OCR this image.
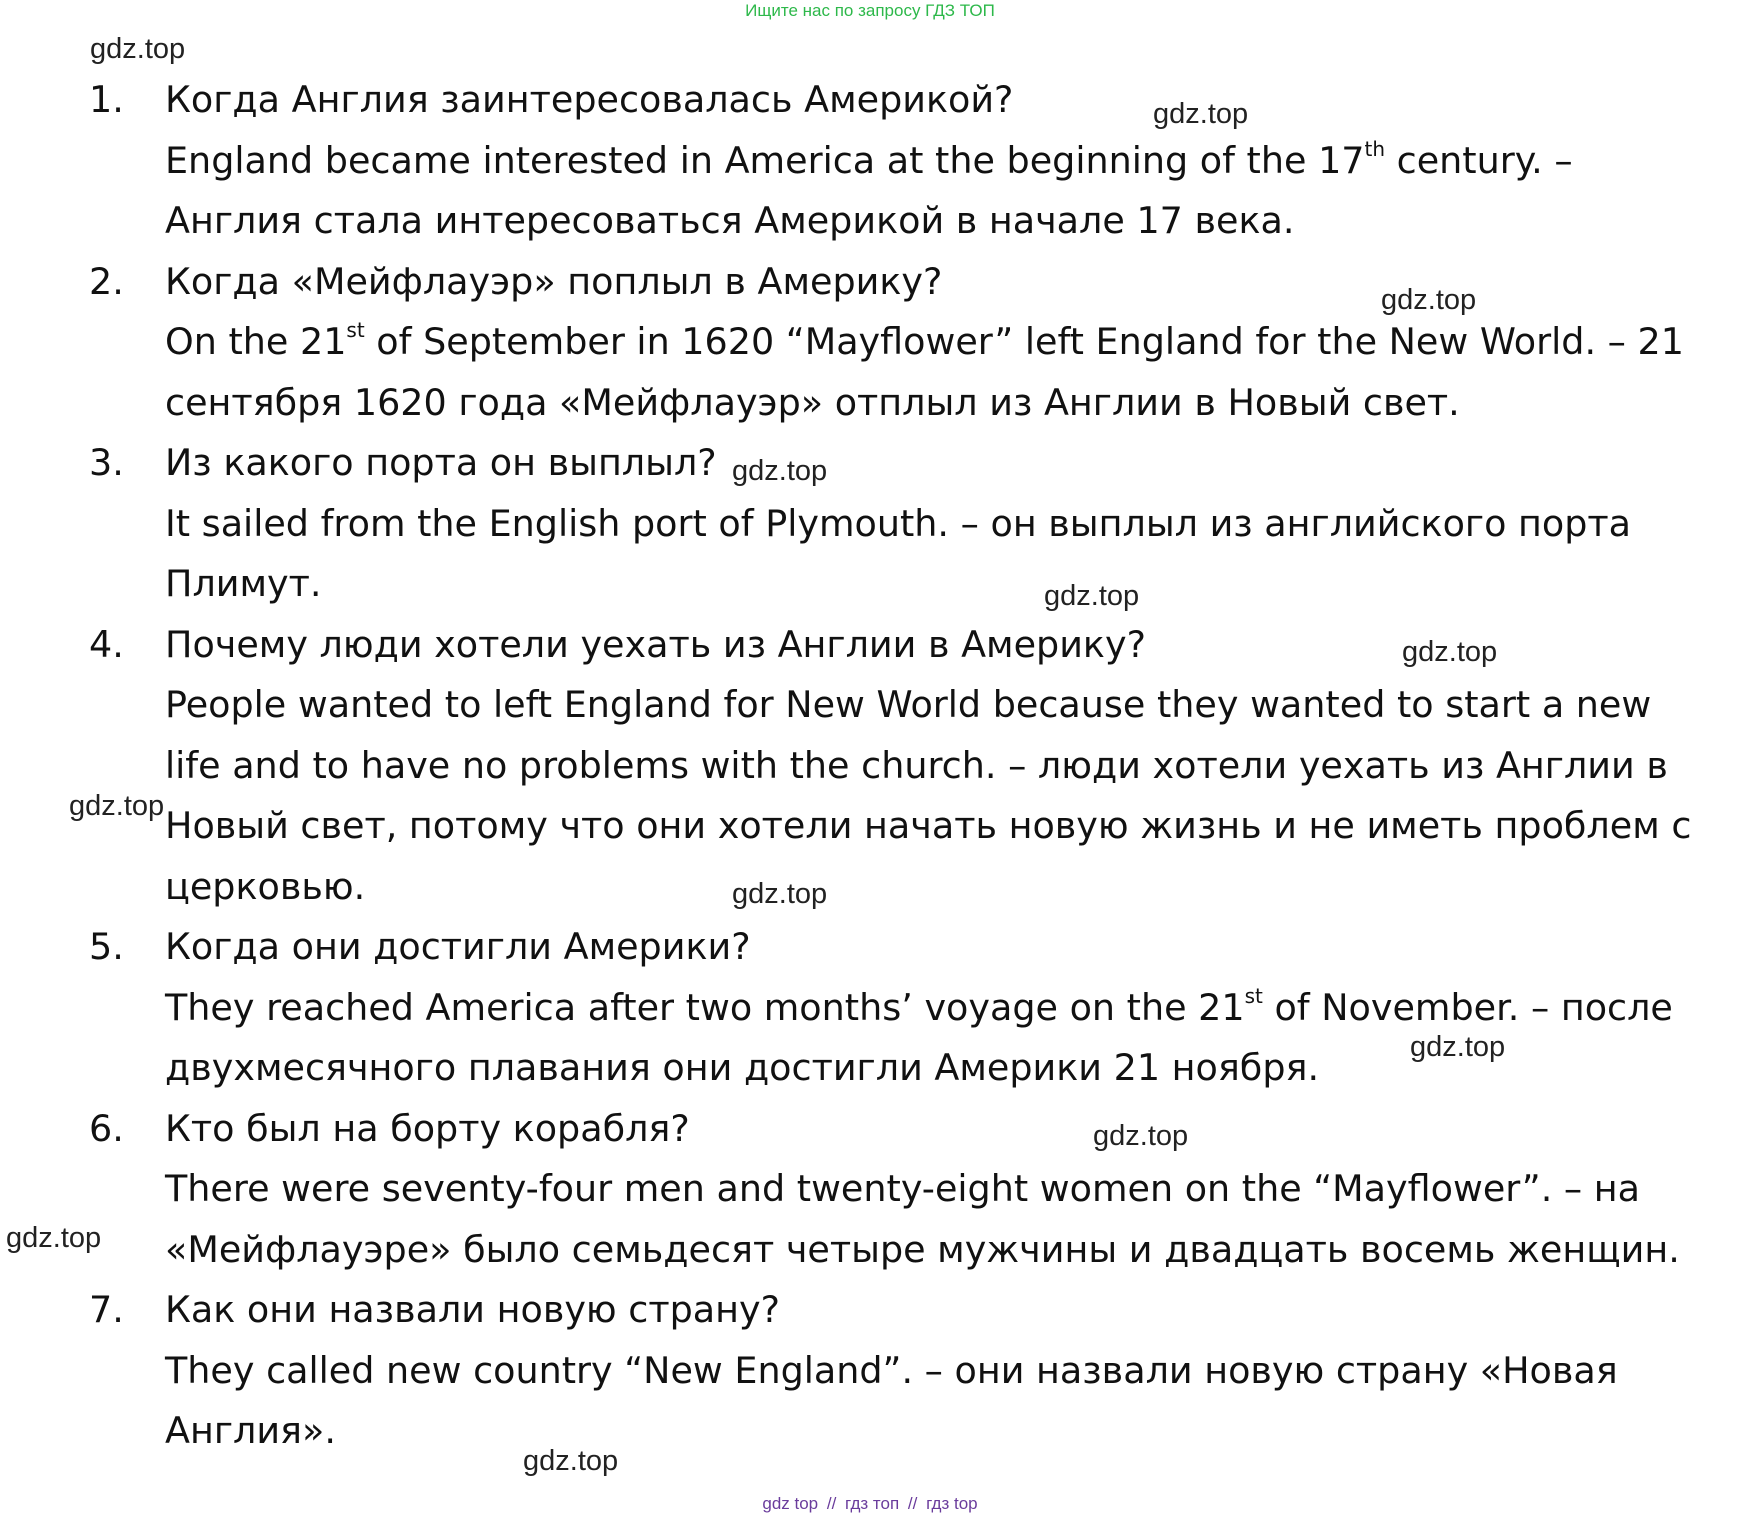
Ищите нас по запросу ГДЗ ТОП
1. Когда Англия заинтересовалась Америкой?
England became interested in America at the beginning of the 17th century. –
Англия стала интересоваться Америкой в начале 17 века.
2. Когда «Мейфлауэр» поплыл в Америку?
On the 21st of September in 1620 “Mayflower” left England for the New World. – 21
сентября 1620 года «Мейфлауэр» отплыл из Англии в Новый свет.
3. Из какого порта он выплыл?
It sailed from the English port of Plymouth. – он выплыл из английского порта
Плимут.
4. Почему люди хотели уехать из Англии в Америку?
People wanted to left England for New World because they wanted to start a new
life and to have no problems with the church. – люди хотели уехать из Англии в
Новый свет, потому что они хотели начать новую жизнь и не иметь проблем с
церковью.
5. Когда они достигли Америки?
They reached America after two months’ voyage on the 21st of November. – после
двухмесячного плавания они достигли Америки 21 ноября.
6. Кто был на борту корабля?
There were seventy-four men and twenty-eight women on the “Mayflower”. – на
«Мейфлауэре» было семьдесят четыре мужчины и двадцать восемь женщин.
7. Как они назвали новую страну?
They called new country “New England”. – они назвали новую страну «Новая
Англия».
gdz.top
gdz.top
gdz.top
gdz.top
gdz.top
gdz.top
gdz.top
gdz.top
gdz.top
gdz.top
gdz.top
gdz.top
gdz top // гдз топ // гдз top
